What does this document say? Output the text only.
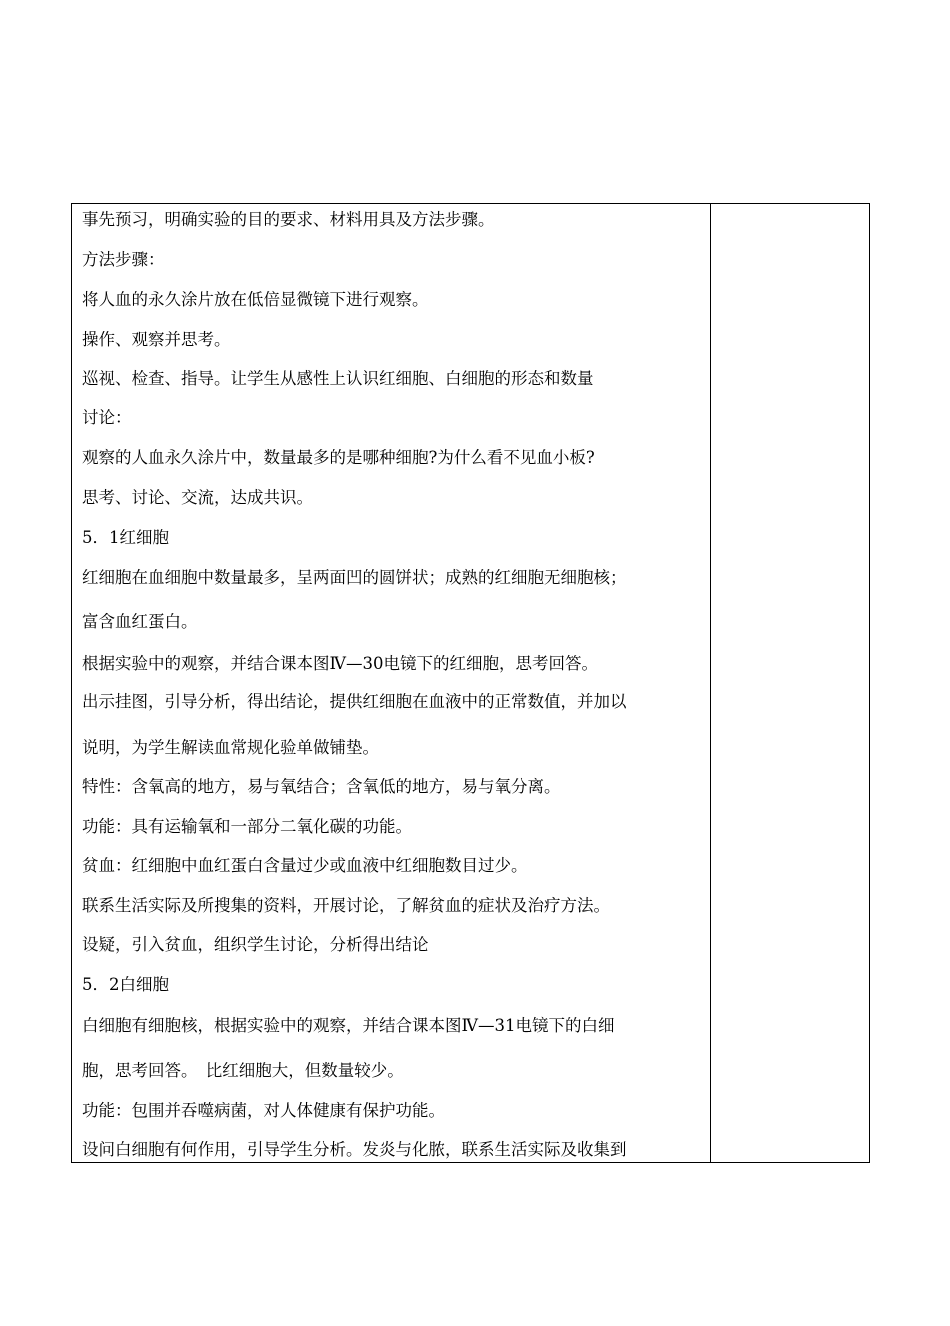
事先预习，明确实验的目的要求、材料用具及方法步骤。
方法步骤：
将人血的永久涂片放在低倍显微镜下进行观察。
操作、观察并思考。
巡视、检查、指导。让学生从感性上认识红细胞、白细胞的形态和数量
讨论：
观察的人血永久涂片中，数量最多的是哪种细胞?为什么看不见血小板?
思考、讨论、交流，达成共识。
5．1红细胞
红细胞在血细胞中数量最多，呈两面凹的圆饼状；成熟的红细胞无细胞核；
富含血红蛋白。
根据实验中的观察，并结合课本图Ⅳ—30电镜下的红细胞，思考回答。
出示挂图，引导分析，得出结论，提供红细胞在血液中的正常数值，并加以
说明，为学生解读血常规化验单做铺垫。
特性：含氧高的地方，易与氧结合；含氧低的地方，易与氧分离。
功能：具有运输氧和一部分二氧化碳的功能。
贫血：红细胞中血红蛋白含量过少或血液中红细胞数目过少。
联系生活实际及所搜集的资料，开展讨论，了解贫血的症状及治疗方法。
设疑，引入贫血，组织学生讨论，分析得出结论
5．2白细胞
白细胞有细胞核，根据实验中的观察，并结合课本图Ⅳ—31电镜下的白细
胞，思考回答。　比红细胞大，但数量较少。
功能：包围并吞噬病菌，对人体健康有保护功能。
设问白细胞有何作用，引导学生分析。发炎与化脓，联系生活实际及收集到
